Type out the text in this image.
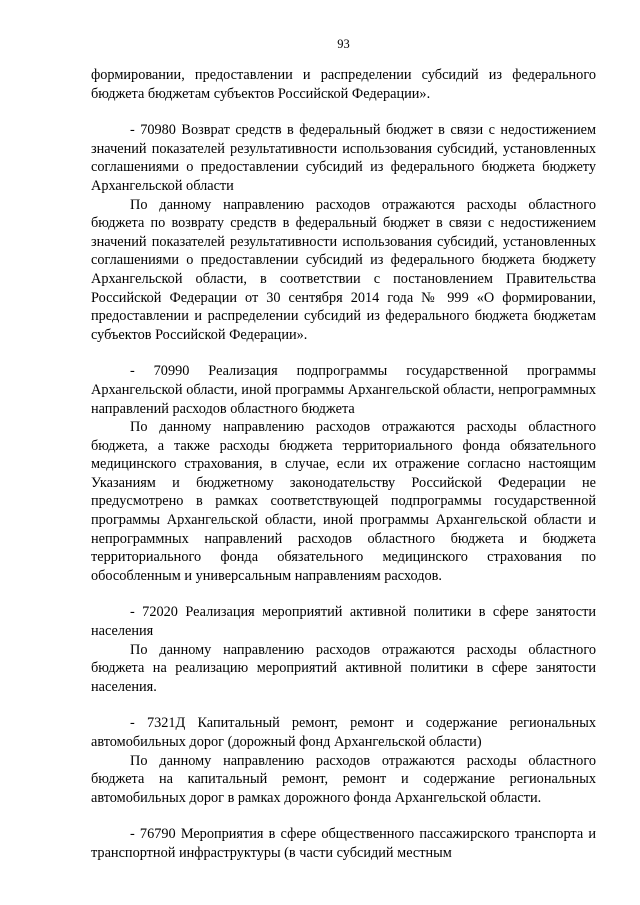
93

формировании, предоставлении и распределении субсидий из федерального бюджета бюджетам субъектов Российской Федерации».

- 70980 Возврат средств в федеральный бюджет в связи с недостижением значений показателей результативности использования субсидий, установленных соглашениями о предоставлении субсидий из федерального бюджета бюджету Архангельской области

По данному направлению расходов отражаются расходы областного бюджета по возврату средств в федеральный бюджет в связи с недостижением значений показателей результативности использования субсидий, установленных соглашениями о предоставлении субсидий из федерального бюджета бюджету Архангельской области, в соответствии с постановлением Правительства Российской Федерации от 30 сентября 2014 года № 999 «О формировании, предоставлении и распределении субсидий из федерального бюджета бюджетам субъектов Российской Федерации».

- 70990 Реализация подпрограммы государственной программы Архангельской области, иной программы Архангельской области, непрограммных направлений расходов областного бюджета

По данному направлению расходов отражаются расходы областного бюджета, а также расходы бюджета территориального фонда обязательного медицинского страхования, в случае, если их отражение согласно настоящим Указаниям и бюджетному законодательству Российской Федерации не предусмотрено в рамках соответствующей подпрограммы государственной программы Архангельской области, иной программы Архангельской области и непрограммных направлений расходов областного бюджета и бюджета территориального фонда обязательного медицинского страхования по обособленным и универсальным направлениям расходов.

- 72020 Реализация мероприятий активной политики в сфере занятости населения

По данному направлению расходов отражаются расходы областного бюджета на реализацию мероприятий активной политики в сфере занятости населения.

- 7321Д Капитальный ремонт, ремонт и содержание региональных автомобильных дорог (дорожный фонд Архангельской области)

По данному направлению расходов отражаются расходы областного бюджета на капитальный ремонт, ремонт и содержание региональных автомобильных дорог в рамках дорожного фонда Архангельской области.

- 76790 Мероприятия в сфере общественного пассажирского транспорта и транспортной инфраструктуры (в части субсидий местным
